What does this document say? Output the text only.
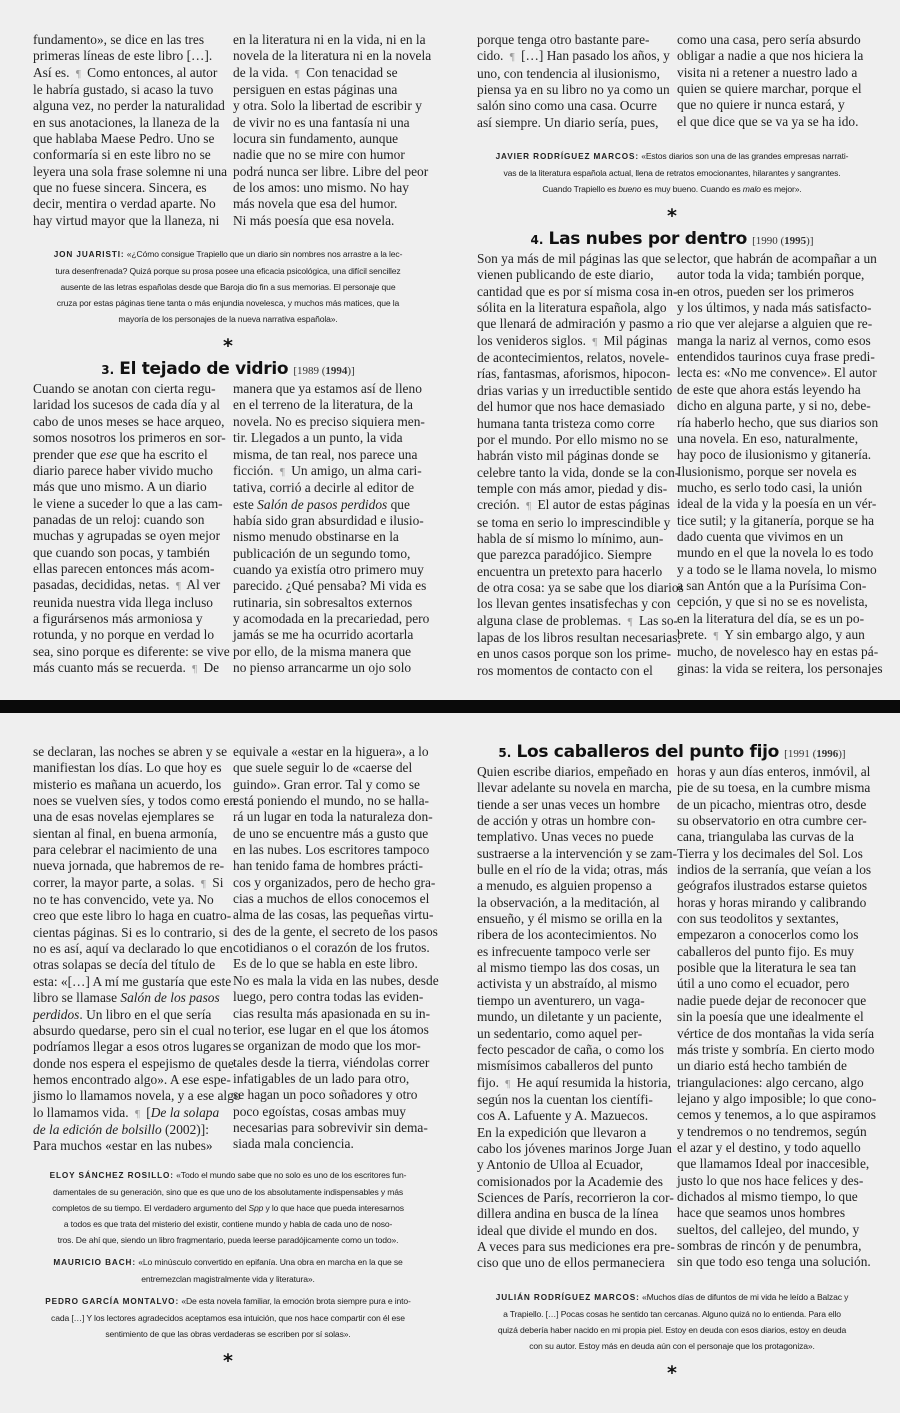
fundamento», se dice en las tres
primeras líneas de este libro […].
Así es. ¶ Como entonces, al autor
le habría gustado, si acaso la tuvo
alguna vez, no perder la naturalidad
en sus anotaciones, la llaneza de la
que hablaba Maese Pedro. Uno se
conformaría si en este libro no se
leyera una sola frase solemne ni una
que no fuese sincera. Sincera, es
decir, mentira o verdad aparte. No
hay virtud mayor que la llaneza, ni
en la literatura ni en la vida, ni en la
novela de la literatura ni en la novela
de la vida. ¶ Con tenacidad se
persiguen en estas páginas una
y otra. Solo la libertad de escribir y
de vivir no es una fantasía ni una
locura sin fundamento, aunque
nadie que no se mire con humor
podrá nunca ser libre. Libre del peor
de los amos: uno mismo. No hay
más novela que esa del humor.
Ni más poesía que esa novela.
JON JUARISTI: «¿Cómo consigue Trapiello que un diario sin nombres nos arrastre a la lec-
tura desenfrenada? Quizá porque su prosa posee una eficacia psicológica, una difícil sencillez
ausente de las letras españolas desde que Baroja dio fin a sus memorias. El personaje que
cruza por estas páginas tiene tanta o más enjundia novelesca, y muchos más matices, que la
mayoría de los personajes de la nueva narrativa española».
*
3. El tejado de vidrio [1989 (1994)]
Cuando se anotan con cierta regu-
laridad los sucesos de cada día y al
cabo de unos meses se hace arqueo,
somos nosotros los primeros en sor-
prender que ese que ha escrito el
diario parece haber vivido mucho
más que uno mismo. A un diario
le viene a suceder lo que a las cam-
panadas de un reloj: cuando son
muchas y agrupadas se oyen mejor
que cuando son pocas, y también
ellas parecen entonces más acom-
pasadas, decididas, netas. ¶ Al ver
reunida nuestra vida llega incluso
a figurársenos más armoniosa y
rotunda, y no porque en verdad lo
sea, sino porque es diferente: se vive
más cuanto más se recuerda. ¶ De
manera que ya estamos así de lleno
en el terreno de la literatura, de la
novela. No es preciso siquiera men-
tir. Llegados a un punto, la vida
misma, de tan real, nos parece una
ficción. ¶ Un amigo, un alma cari-
tativa, corrió a decirle al editor de
este Salón de pasos perdidos que
había sido gran absurdidad e ilusio-
nismo menudo obstinarse en la
publicación de un segundo tomo,
cuando ya existía otro primero muy
parecido. ¿Qué pensaba? Mi vida es
rutinaria, sin sobresaltos externos
y acomodada en la precariedad, pero
jamás se me ha ocurrido acortarla
por ello, de la misma manera que
no pienso arrancarme un ojo solo
porque tenga otro bastante pare-
cido. ¶ […] Han pasado los años, y
uno, con tendencia al ilusionismo,
piensa ya en su libro no ya como un
salón sino como una casa. Ocurre
así siempre. Un diario sería, pues,
como una casa, pero sería absurdo
obligar a nadie a que nos hiciera la
visita ni a retener a nuestro lado a
quien se quiere marchar, porque el
que no quiere ir nunca estará, y
el que dice que se va ya se ha ido.
JAVIER RODRÍGUEZ MARCOS: «Estos diarios son una de las grandes empresas narrati-
vas de la literatura española actual, llena de retratos emocionantes, hilarantes y sangrantes.
Cuando Trapiello es bueno es muy bueno. Cuando es malo es mejor».
*
4. Las nubes por dentro [1990 (1995)]
Son ya más de mil páginas las que se
vienen publicando de este diario,
cantidad que es por sí misma cosa in-
sólita en la literatura española, algo
que llenará de admiración y pasmo a
los venideros siglos. ¶ Mil páginas
de acontecimientos, relatos, novele-
rías, fantasmas, aforismos, hipocon-
drias varias y un irreductible sentido
del humor que nos hace demasiado
humana tanta tristeza como corre
por el mundo. Por ello mismo no se
habrán visto mil páginas donde se
celebre tanto la vida, donde se la con-
temple con más amor, piedad y dis-
creción. ¶ El autor de estas páginas
se toma en serio lo imprescindible y
habla de sí mismo lo mínimo, aun-
que parezca paradójico. Siempre
encuentra un pretexto para hacerlo
de otra cosa: ya se sabe que los diarios
los llevan gentes insatisfechas y con
alguna clase de problemas. ¶ Las so-
lapas de los libros resultan necesarias,
en unos casos porque son los prime-
ros momentos de contacto con el
lector, que habrán de acompañar a un
autor toda la vida; también porque,
en otros, pueden ser los primeros
y los últimos, y nada más satisfacto-
rio que ver alejarse a alguien que re-
manga la nariz al vernos, como esos
entendidos taurinos cuya frase predi-
lecta es: «No me convence». El autor
de este que ahora estás leyendo ha
dicho en alguna parte, y si no, debe-
ría haberlo hecho, que sus diarios son
una novela. En eso, naturalmente,
hay poco de ilusionismo y gitanería.
Ilusionismo, porque ser novela es
mucho, es serlo todo casi, la unión
ideal de la vida y la poesía en un vér-
tice sutil; y la gitanería, porque se ha
dado cuenta que vivimos en un
mundo en el que la novela lo es todo
y a todo se le llama novela, lo mismo
a san Antón que a la Purísima Con-
cepción, y que si no se es novelista,
en la literatura del día, se es un po-
brete. ¶ Y sin embargo algo, y aun
mucho, de novelesco hay en estas pá-
ginas: la vida se reitera, los personajes
se declaran, las noches se abren y se
manifiestan los días. Lo que hoy es
misterio es mañana un acuerdo, los
noes se vuelven síes, y todos como en
una de esas novelas ejemplares se
sientan al final, en buena armonía,
para celebrar el nacimiento de una
nueva jornada, que habremos de re-
correr, la mayor parte, a solas. ¶ Si
no te has convencido, vete ya. No
creo que este libro lo haga en cuatro-
cientas páginas. Si es lo contrario, si
no es así, aquí va declarado lo que en
otras solapas se decía del título de
esta: «[…] A mí me gustaría que este
libro se llamase Salón de los pasos
perdidos. Un libro en el que sería
absurdo quedarse, pero sin el cual no
podríamos llegar a esos otros lugares
donde nos espera el espejismo de que
hemos encontrado algo». A ese espe-
jismo lo llamamos novela, y a ese algo
lo llamamos vida. ¶ [De la solapa
de la edición de bolsillo (2002)]:
Para muchos «estar en las nubes»
equivale a «estar en la higuera», a lo
que suele seguir lo de «caerse del
guindo». Gran error. Tal y como se
está poniendo el mundo, no se halla-
rá un lugar en toda la naturaleza don-
de uno se encuentre más a gusto que
en las nubes. Los escritores tampoco
han tenido fama de hombres prácti-
cos y organizados, pero de hecho gra-
cias a muchos de ellos conocemos el
alma de las cosas, las pequeñas virtu-
des de la gente, el secreto de los pasos
cotidianos o el corazón de los frutos.
Es de lo que se habla en este libro.
No es mala la vida en las nubes, desde
luego, pero contra todas las eviden-
cias resulta más apasionada en su in-
terior, ese lugar en el que los átomos
se organizan de modo que los mor-
tales desde la tierra, viéndolas correr
infatigables de un lado para otro,
se hagan un poco soñadores y otro
poco egoístas, cosas ambas muy
necesarias para sobrevivir sin dema-
siada mala conciencia.
ELOY SÁNCHEZ ROSILLO: «Todo el mundo sabe que no solo es uno de los escritores fun-
damentales de su generación, sino que es que uno de los absolutamente indispensables y más
completos de su tiempo. El verdadero argumento del Spp y lo que hace que pueda interesarnos
a todos es que trata del misterio del existir, contiene mundo y habla de cada uno de noso-
tros. De ahí que, siendo un libro fragmentario, pueda leerse paradójicamente como un todo».
MAURICIO BACH: «Lo minúsculo convertido en epifanía. Una obra en marcha en la que se
entremezclan magistralmente vida y literatura».
PEDRO GARCÍA MONTALVO: «De esta novela familiar, la emoción brota siempre pura e into-
cada […] Y los lectores agradecidos aceptamos esa intuición, que nos hace compartir con él ese
sentimiento de que las obras verdaderas se escriben por sí solas».
*
5. Los caballeros del punto fijo [1991 (1996)]
Quien escribe diarios, empeñado en
llevar adelante su novela en marcha,
tiende a ser unas veces un hombre
de acción y otras un hombre con-
templativo. Unas veces no puede
sustraerse a la intervención y se zam-
bulle en el río de la vida; otras, más
a menudo, es alguien propenso a
la observación, a la meditación, al
ensueño, y él mismo se orilla en la
ribera de los acontecimientos. No
es infrecuente tampoco verle ser
al mismo tiempo las dos cosas, un
activista y un abstraído, al mismo
tiempo un aventurero, un vaga-
mundo, un diletante y un paciente,
un sedentario, como aquel per-
fecto pescador de caña, o como los
mismísimos caballeros del punto
fijo. ¶ He aquí resumida la historia,
según nos la cuentan los científi-
cos A. Lafuente y A. Mazuecos.
En la expedición que llevaron a
cabo los jóvenes marinos Jorge Juan
y Antonio de Ulloa al Ecuador,
comisionados por la Academie des
Sciences de París, recorrieron la cor-
dillera andina en busca de la línea
ideal que divide el mundo en dos.
A veces para sus mediciones era pre-
ciso que uno de ellos permaneciera
horas y aun días enteros, inmóvil, al
pie de su toesa, en la cumbre misma
de un picacho, mientras otro, desde
su observatorio en otra cumbre cer-
cana, triangulaba las curvas de la
Tierra y los decimales del Sol. Los
indios de la serranía, que veían a los
geógrafos ilustrados estarse quietos
horas y horas mirando y calibrando
con sus teodolitos y sextantes,
empezaron a conocerlos como los
caballeros del punto fijo. Es muy
posible que la literatura le sea tan
útil a uno como el ecuador, pero
nadie puede dejar de reconocer que
sin la poesía que une idealmente el
vértice de dos montañas la vida sería
más triste y sombría. En cierto modo
un diario está hecho también de
triangulaciones: algo cercano, algo
lejano y algo imposible; lo que cono-
cemos y tenemos, a lo que aspiramos
y tendremos o no tendremos, según
el azar y el destino, y todo aquello
que llamamos Ideal por inaccesible,
justo lo que nos hace felices y des-
dichados al mismo tiempo, lo que
hace que seamos unos hombres
sueltos, del callejeo, del mundo, y
sombras de rincón y de penumbra,
sin que todo eso tenga una solución.
JULIÁN RODRÍGUEZ MARCOS: «Muchos días de difuntos de mi vida he leído a Balzac y
a Trapiello. […] Pocas cosas he sentido tan cercanas. Alguno quizá no lo entienda. Para ello
quizá debería haber nacido en mi propia piel. Estoy en deuda con esos diarios, estoy en deuda
con su autor. Estoy más en deuda aún con el personaje que los protagoniza».
*
